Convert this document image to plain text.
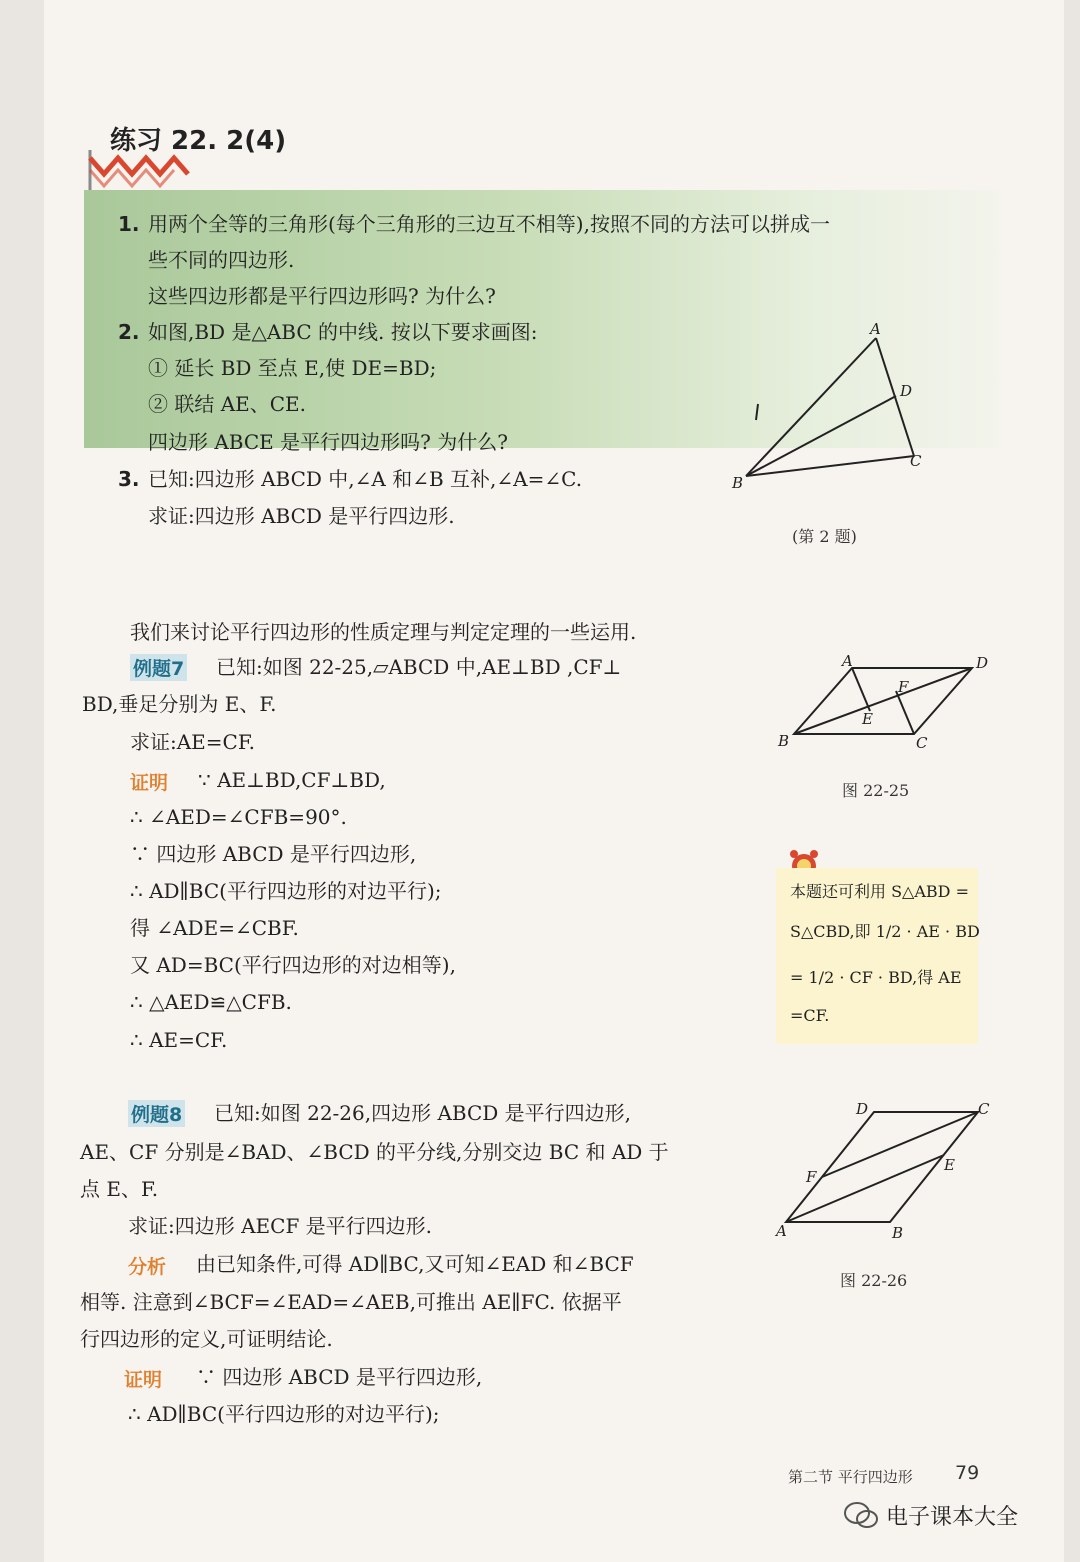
练习 22. 2(4)
1. 用两个全等的三角形(每个三角形的三边互不相等),按照不同的方法可以拼成一
些不同的四边形.
这些四边形都是平行四边形吗? 为什么?
2. 如图,BD 是△ABC 的中线. 按以下要求画图:
① 延长 BD 至点 E,使 DE=BD;
② 联结 AE、CE.
四边形 ABCE 是平行四边形吗? 为什么?
3. 已知:四边形 ABCD 中,∠A 和∠B 互补,∠A=∠C.
求证:四边形 ABCD 是平行四边形.
A
B
C
D
(第 2 题)
我们来讨论平行四边形的性质定理与判定定理的一些运用.
例题7 已知:如图 22-25,▱ABCD 中,AE⊥BD ,CF⊥
BD,垂足分别为 E、F.
求证:AE=CF.
证明 ∵ AE⊥BD,CF⊥BD,
∴ ∠AED=∠CFB=90°.
∵ 四边形 ABCD 是平行四边形,
∴ AD∥BC(平行四边形的对边平行);
得 ∠ADE=∠CBF.
又 AD=BC(平行四边形的对边相等),
∴ △AED≌△CFB.
∴ AE=CF.
A
B	C
D
E
F
图 22-25
本题还可利用 S△ABD =
S△CBD,即 1/2 · AE · BD
= 1/2 · CF · BD,得 AE
=CF.
例题8 已知:如图 22-26,四边形 ABCD 是平行四边形,
AE、CF 分别是∠BAD、∠BCD 的平分线,分别交边 BC 和 AD 于
点 E、F.
求证:四边形 AECF 是平行四边形.
分析 由已知条件,可得 AD∥BC,又可知∠EAD 和∠BCF
相等. 注意到∠BCF=∠EAD=∠AEB,可推出 AE∥FC. 依据平
行四边形的定义,可证明结论.
证明 ∵ 四边形 ABCD 是平行四边形,
∴ AD∥BC(平行四边形的对边平行);
A	B
C
D
E
F
图 22-26
第二节 平行四边形 79
电子课本大全
